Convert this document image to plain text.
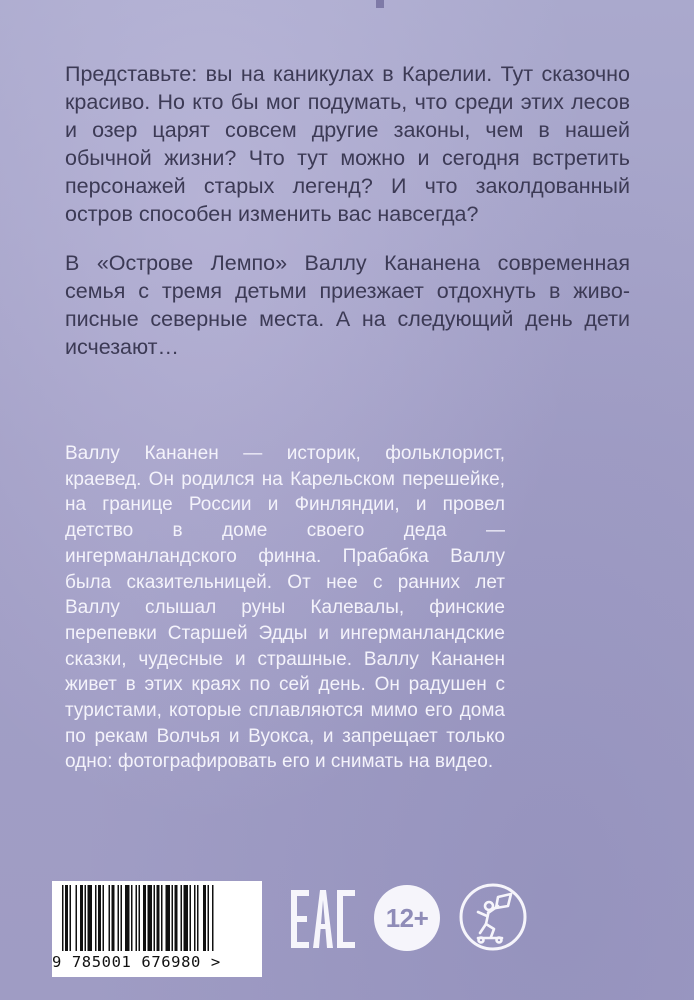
Представьте: вы на каникулах в Карелии. Тут сказочно красиво. Но кто бы мог подумать, что среди этих лесов и озер царят совсем другие законы, чем в нашей обычной жизни? Что тут можно и сегодня встретить персонажей старых легенд? И что заколдованный остров способен изменить вас навсегда?

В «Острове Лемпо» Валлу Кананена современная семья с тремя детьми приезжает отдохнуть в живописные северные места. А на следующий день дети исчезают…

Валлу Кананен — историк, фольклорист, краевед. Он родился на Карельском перешейке, на границе России и Финляндии, и провел детство в доме своего деда — ингерманландского финна. Прабабка Валлу была сказительницей. От нее с ранних лет Валлу слышал руны Калевалы, финские перепевки Старшей Эдды и ингерманландские сказки, чудесные и страшные. Валлу Кананен живет в этих краях по сей день. Он радушен с туристами, которые сплавляются мимо его дома по рекам Волчья и Вуокса, и запрещает только одно: фотографировать его и снимать на видео.

9 785001 676980 >
12+
